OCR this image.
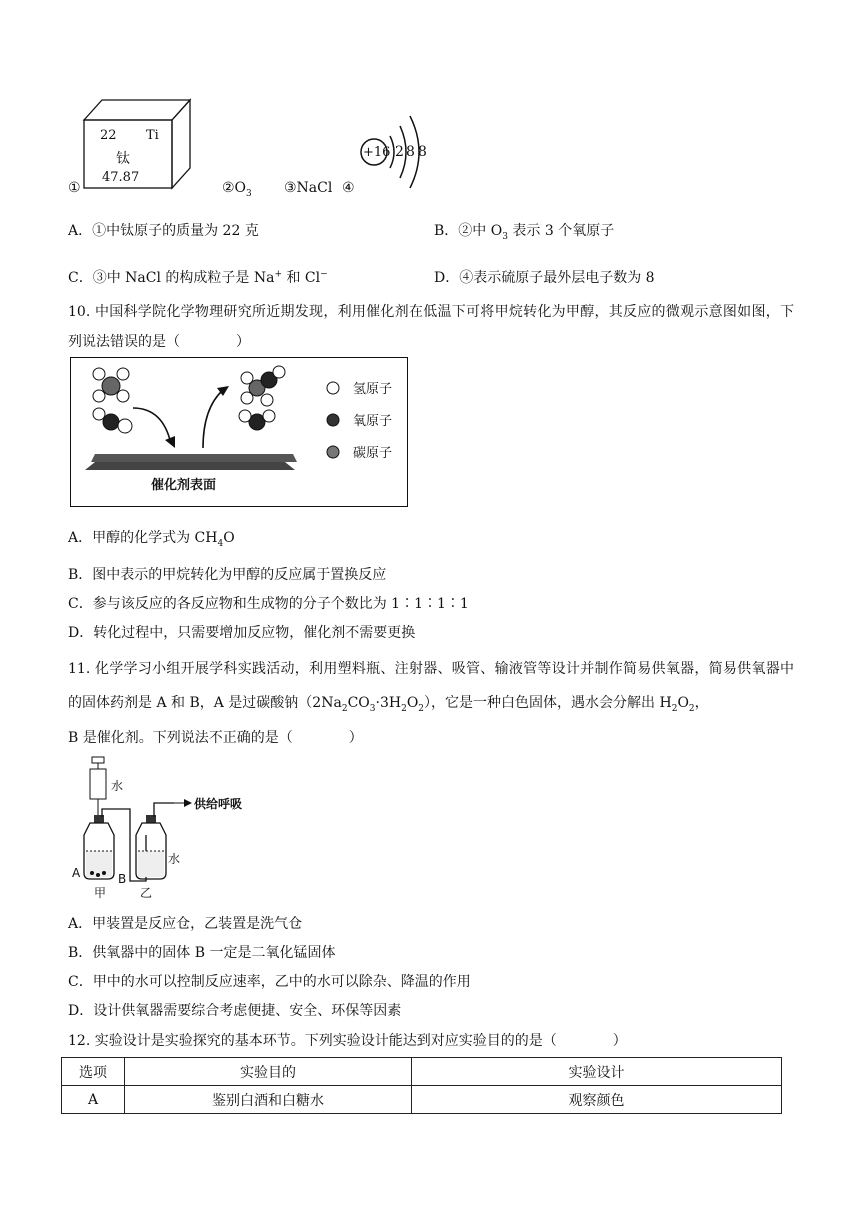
22 Ti
钛
47.87
①	$②O_3$ ③NaCl ④
+16 2 8 8
A．①中钛原子的质量为 22 克	B．②中 $O_3$ 表示 3 个氧原子
C．③中 NaCl 的构成粒子是 Na+ 和 Cl−	D．④表示硫原子最外层电子数为 8
10. 中国科学院化学物理研究所近期发现，利用催化剂在低温下可将甲烷转化为甲醇，其反应的微观示意图如图，下列说法错误的是（　　　　）
氢原子
氧原子
碳原子
催化剂表面
A．甲醇的化学式为 $CH_4O$
B．图中表示的甲烷转化为甲醇的反应属于置换反应
C．参与该反应的各反应物和生成物的分子个数比为 1∶1∶1∶1
D．转化过程中，只需要增加反应物，催化剂不需要更换
11. 化学学习小组开展学科实践活动，利用塑料瓶、注射器、吸管、输液管等设计并制作简易供氧器，简易供氧器中的固体药剂是 A 和 B，A 是过碳酸钠$(2Na_2CO_3\cdot 3H_2O_2)$，它是一种白色固体，遇水会分解出 $H_2O_2$，
B 是催化剂。下列说法不正确的是（　　　　）
水
供给呼吸
水
A	B
甲	乙
A．甲装置是反应仓，乙装置是洗气仓
B．供氧器中的固体 B 一定是二氧化锰固体
C．甲中的水可以控制反应速率，乙中的水可以除杂、降温的作用
D．设计供氧器需要综合考虑便捷、安全、环保等因素
12. 实验设计是实验探究的基本环节。下列实验设计能达到对应实验目的的是（　　　　）
选项	实验目的	实验设计
A	鉴别白酒和白糖水	观察颜色
